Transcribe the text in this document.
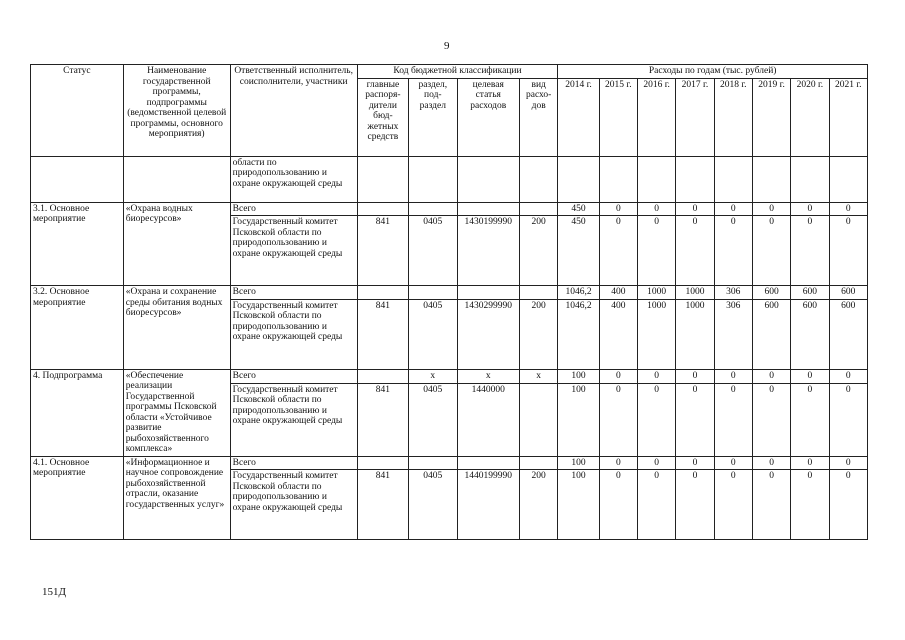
9
Статус	Наименование государственной программы, подпрограммы (ведомственной целевой программы, основного мероприятия)	Ответственный исполнитель, соисполнители, участники	Код бюджетной классификации				Расходы по годам (тыс. рублей)							
			главные распоря-дители бюд-жетных средств	раздел, под-раздел	целевая статья расходов	вид расхо-дов	2014 г.	2015 г.	2016 г.	2017 г.	2018 г.	2019 г.	2020 г.	2021 г.
		области по природопользованию и охране окружающей среды												
3.1. Основное мероприятие	«Охрана водных биоресурсов»	Всего					450	0	0	0	0	0	0	0
		Государственный комитет Псковской области по природопользованию и охране окружающей среды	841	0405	1430199990	200	450	0	0	0	0	0	0	0
3.2. Основное мероприятие	«Охрана и сохранение среды обитания водных биоресурсов»	Всего					1046,2	400	1000	1000	306	600	600	600
		Государственный комитет Псковской области по природопользованию и охране окружающей среды	841	0405	1430299990	200	1046,2	400	1000	1000	306	600	600	600
4. Подпрограмма	«Обеспечение реализации Государственной программы Псковской области «Устойчивое развитие рыбохозяйственного комплекса»	Всего		х	х	х	100	0	0	0	0	0	0	0
		Государственный комитет Псковской области по природопользованию и охране окружающей среды	841	0405	1440000		100	0	0	0	0	0	0	0
4.1. Основное мероприятие	«Информационное и научное сопровождение рыбохозяйственной отрасли, оказание государственных услуг»	Всего					100	0	0	0	0	0	0	0
		Государственный комитет Псковской области по природопользованию и охране окружающей среды	841	0405	1440199990	200	100	0	0	0	0	0	0	0
151Д
